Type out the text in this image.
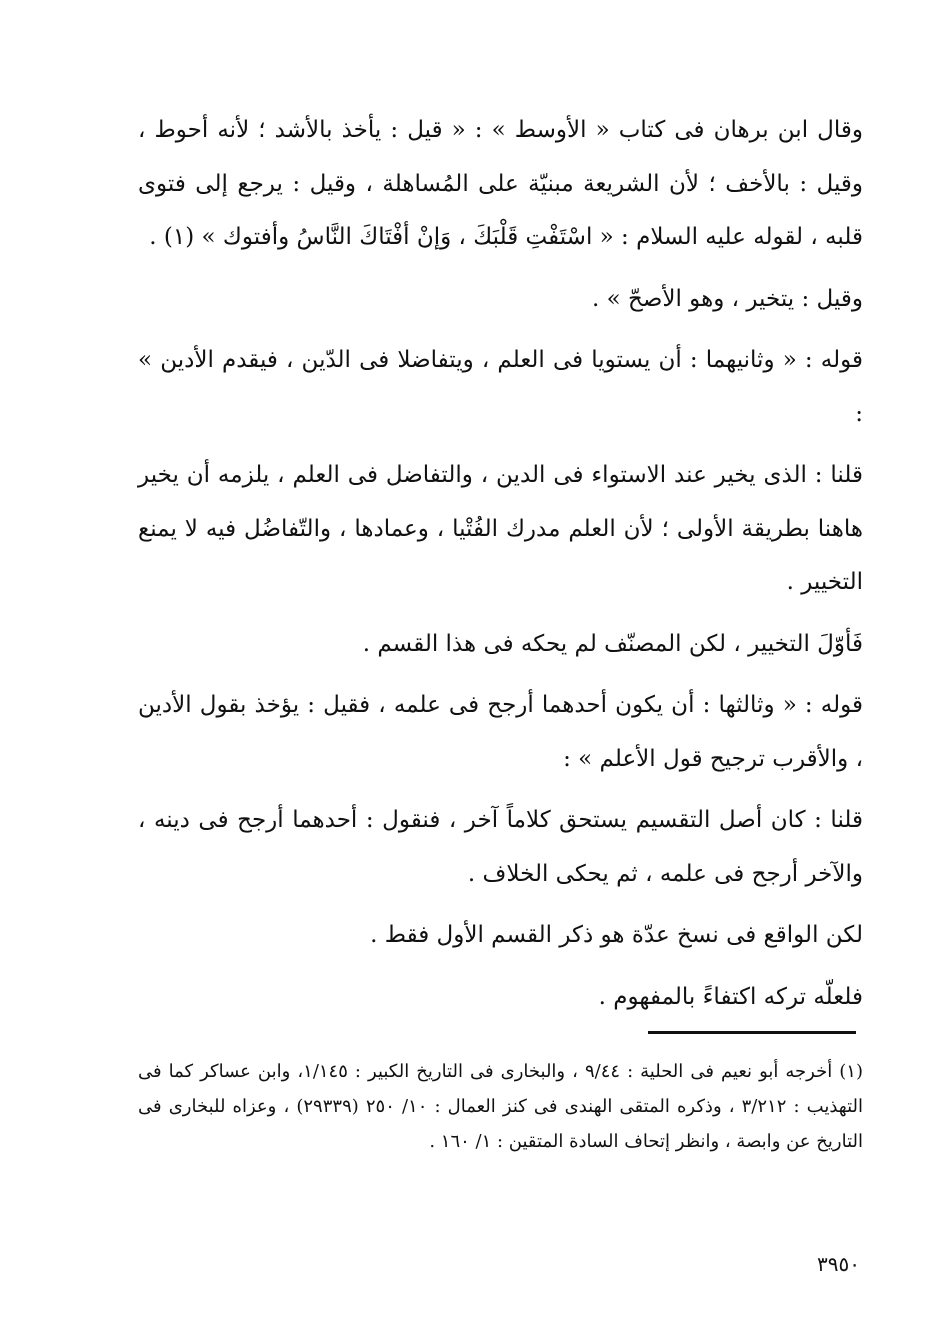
وقال ابن برهان فى كتاب « الأوسط » : « قيل : يأخذ بالأشد ؛ لأنه أحوط ، وقيل : بالأخف ؛ لأن الشريعة مبنيّة على المُساهلة ، وقيل : يرجع إلى فتوى قلبه ، لقوله عليه السلام : « اسْتَفْتِ قَلْبَكَ ، وَإنْ أفْتَاكَ النَّاسُ وأفتوك » (١) .

وقيل : يتخير ، وهو الأصحّ » .

قوله : « وثانيهما : أن يستويا فى العلم ، ويتفاضلا فى الدّين ، فيقدم الأدين » :

قلنا : الذى يخير عند الاستواء فى الدين ، والتفاضل فى العلم ، يلزمه أن يخير هاهنا بطريقة الأولى ؛ لأن العلم مدرك الفُتْيا ، وعمادها ، والتّفاضُل فيه لا يمنع التخيير .

فَأوّلَ التخيير ، لكن المصنّف لم يحكه فى هذا القسم .

قوله : « وثالثها : أن يكون أحدهما أرجح فى علمه ، فقيل : يؤخذ بقول الأدين ، والأقرب ترجيح قول الأعلم » :

قلنا : كان أصل التقسيم يستحق كلاماً آخر ، فنقول : أحدهما أرجح فى دينه ، والآخر أرجح فى علمه ، ثم يحكى الخلاف .

لكن الواقع فى نسخ عدّة هو ذكر القسم الأول فقط .

فلعلّه تركه اكتفاءً بالمفهوم .

(١) أخرجه أبو نعيم فى الحلية : ٩/٤٤ ، والبخارى فى التاريخ الكبير : ١/١٤٥، وابن عساكر كما فى التهذيب : ٣/٢١٢ ، وذكره المتقى الهندى فى كنز العمال : ١٠/ ٢٥٠ (٢٩٣٣٩) ، وعزاه للبخارى فى التاريخ عن وابصة ، وانظر إتحاف السادة المتقين : ١/ ١٦٠ .

٣٩٥٠
